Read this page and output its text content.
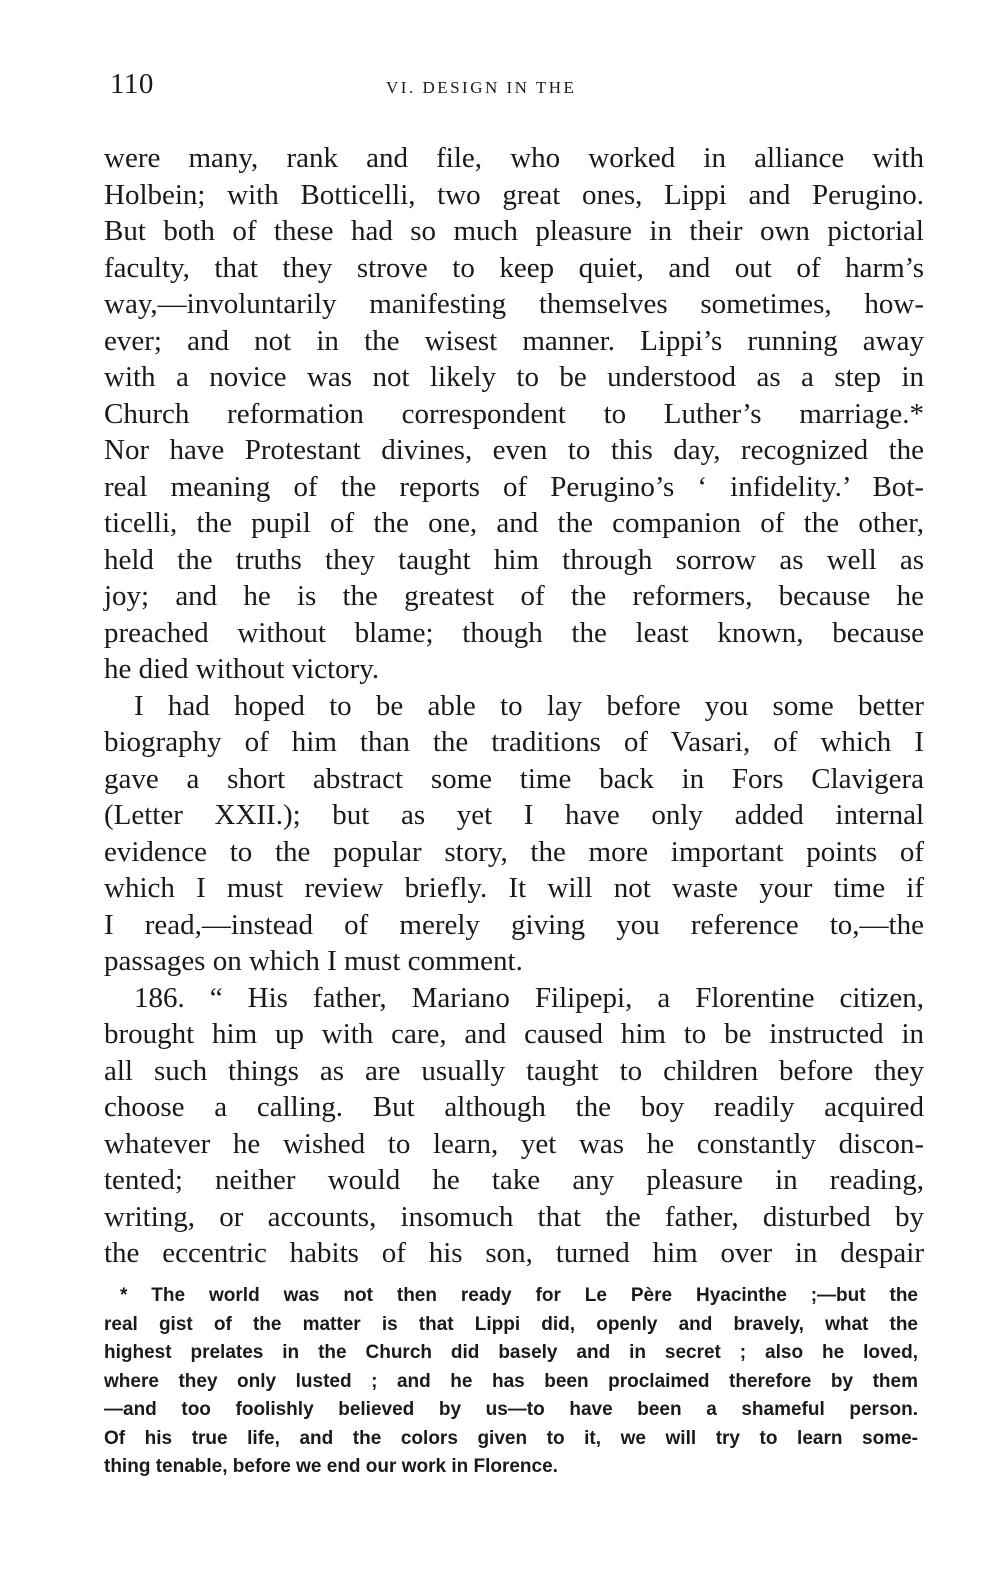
110	VI. DESIGN IN THE
were many, rank and file, who worked in alliance with
Holbein; with Botticelli, two great ones, Lippi and Perugino.
But both of these had so much pleasure in their own pictorial
faculty, that they strove to keep quiet, and out of harm’s
way,—involuntarily manifesting themselves sometimes, how-
ever; and not in the wisest manner. Lippi’s running away
with a novice was not likely to be understood as a step in
Church reformation correspondent to Luther’s marriage.*
Nor have Protestant divines, even to this day, recognized the
real meaning of the reports of Perugino’s ‘ infidelity.’ Bot-
ticelli, the pupil of the one, and the companion of the other,
held the truths they taught him through sorrow as well as
joy; and he is the greatest of the reformers, because he
preached without blame; though the least known, because
he died without victory.
I had hoped to be able to lay before you some better
biography of him than the traditions of Vasari, of which I
gave a short abstract some time back in Fors Clavigera
(Letter XXII.); but as yet I have only added internal
evidence to the popular story, the more important points of
which I must review briefly. It will not waste your time if
I read,—instead of merely giving you reference to,—the
passages on which I must comment.
186. “ His father, Mariano Filipepi, a Florentine citizen,
brought him up with care, and caused him to be instructed in
all such things as are usually taught to children before they
choose a calling. But although the boy readily acquired
whatever he wished to learn, yet was he constantly discon-
tented; neither would he take any pleasure in reading,
writing, or accounts, insomuch that the father, disturbed by
the eccentric habits of his son, turned him over in despair
* The world was not then ready for Le Père Hyacinthe ;—but the
real gist of the matter is that Lippi did, openly and bravely, what the
highest prelates in the Church did basely and in secret ; also he loved,
where they only lusted ; and he has been proclaimed therefore by them
—and too foolishly believed by us—to have been a shameful person.
Of his true life, and the colors given to it, we will try to learn some-
thing tenable, before we end our work in Florence.
